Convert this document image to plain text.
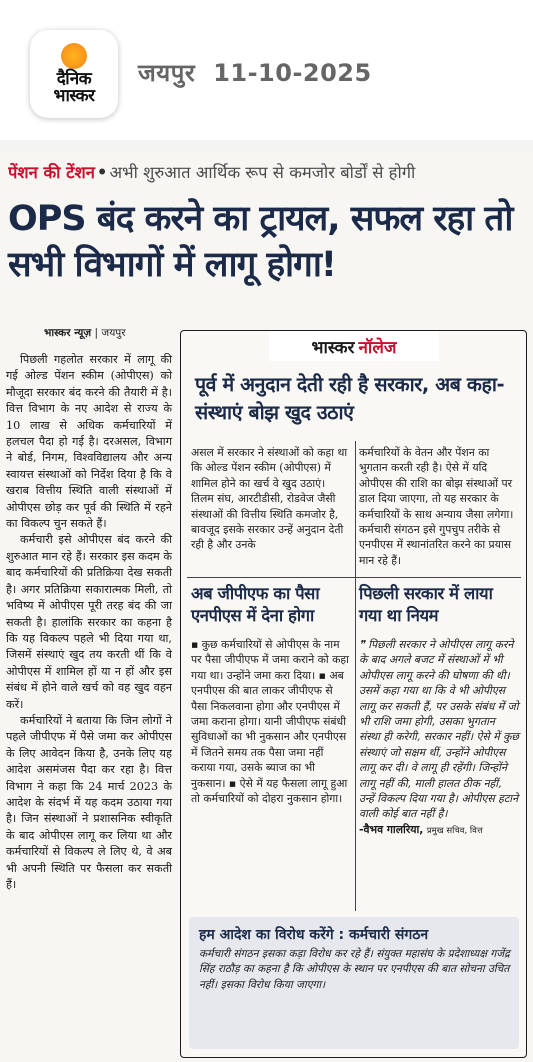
दैनिक
भास्कर
जयपुर 11-10-2025
पेंशन की टेंशन • अभी शुरुआत आर्थिक रूप से कमजोर बोर्डों से होगी
OPS बंद करने का ट्रायल, सफल रहा तो सभी विभागों में लागू होगा!
भास्कर न्यूज़ | जयपुर

पिछली गहलोत सरकार में लागू की गई ओल्ड पेंशन स्कीम (ओपीएस) को मौजूदा सरकार बंद करने की तैयारी में है। वित्त विभाग के नए आदेश से राज्य के 10 लाख से अधिक कर्मचारियों में हलचल पैदा हो गई है। दरअसल, विभाग ने बोर्ड, निगम, विश्वविद्यालय और अन्य स्वायत्त संस्थाओं को निर्देश दिया है कि वे खराब वित्तीय स्थिति वाली संस्थाओं में ओपीएस छोड़ कर पूर्व की स्थिति में रहने का विकल्प चुन सकते हैं।

कर्मचारी इसे ओपीएस बंद करने की शुरुआत मान रहे हैं। सरकार इस कदम के बाद कर्मचारियों की प्रतिक्रिया देख सकती है। अगर प्रतिक्रिया सकारात्मक मिली, तो भविष्य में ओपीएस पूरी तरह बंद की जा सकती है। हालांकि सरकार का कहना है कि यह विकल्प पहले भी दिया गया था, जिसमें संस्थाएं खुद तय करती थीं कि वे ओपीएस में शामिल हों या न हों और इस संबंध में होने वाले खर्च को वह खुद वहन करें।

कर्मचारियों ने बताया कि जिन लोगों ने पहले जीपीएफ में पैसे जमा कर ओपीएस के लिए आवेदन किया है, उनके लिए यह आदेश असमंजस पैदा कर रहा है। वित्त विभाग ने कहा कि 24 मार्च 2023 के आदेश के संदर्भ में यह कदम उठाया गया है। जिन संस्थाओं ने प्रशासनिक स्वीकृति के बाद ओपीएस लागू कर लिया था और कर्मचारियों से विकल्प ले लिए थे, वे अब भी अपनी स्थिति पर फैसला कर सकती हैं।

भास्कर नॉलेज
पूर्व में अनुदान देती रही है सरकार, अब कहा- संस्थाएं बोझ खुद उठाएं
असल में सरकार ने संस्थाओं को कहा था कि ओल्ड पेंशन स्कीम (ओपीएस) में शामिल होने का खर्च वे खुद उठाएं। तिलम संघ, आरटीडीसी, रोडवेज जैसी संस्थाओं की वित्तीय स्थिति कमजोर है, बावजूद इसके सरकार उन्हें अनुदान देती रही है और उनके
कर्मचारियों के वेतन और पेंशन का भुगतान करती रही है। ऐसे में यदि ओपीएस की राशि का बोझ संस्थाओं पर डाल दिया जाएगा, तो यह सरकार के कर्मचारियों के साथ अन्याय जैसा लगेगा। कर्मचारी संगठन इसे गुपचुप तरीके से एनपीएस में स्थानांतरित करने का प्रयास मान रहे हैं।
अब जीपीएफ का पैसा एनपीएस में देना होगा
पिछली सरकार में लाया गया था नियम
▪ कुछ कर्मचारियों से ओपीएस के नाम पर पैसा जीपीएफ में जमा कराने को कहा गया था। उन्होंने जमा करा दिया। ▪ अब एनपीएस की बात लाकर जीपीएफ से पैसा निकलवाना होगा और एनपीएस में जमा कराना होगा। यानी जीपीएफ संबंधी सुविधाओं का भी नुकसान और एनपीएस में जितने समय तक पैसा जमा नहीं कराया गया, उसके ब्याज का भी नुकसान। ▪ ऐसे में यह फैसला लागू हुआ तो कर्मचारियों को दोहरा नुकसान होगा।
❞ पिछली सरकार ने ओपीएस लागू करने के बाद अगले बजट में संस्थाओं में भी ओपीएस लागू करने की घोषणा की थी। उसमें कहा गया था कि वे भी ओपीएस लागू कर सकती हैं, पर उसके संबंध में जो भी राशि जमा होगी, उसका भुगतान संस्था ही करेगी, सरकार नहीं। ऐसे में कुछ संस्थाएं जो सक्षम थीं, उन्होंने ओपीएस लागू कर दी। वे लागू ही रहेंगी। जिन्होंने लागू नहीं की, माली हालत ठीक नहीं, उन्हें विकल्प दिया गया है। ओपीएस हटाने वाली कोई बात नहीं है।
-वैभव गालरिया, प्रमुख सचिव, वित्त
हम आदेश का विरोध करेंगे : कर्मचारी संगठन
कर्मचारी संगठन इसका कड़ा विरोध कर रहे हैं। संयुक्त महासंघ के प्रदेशाध्यक्ष गजेंद्र सिंह राठौड़ का कहना है कि ओपीएस के स्थान पर एनपीएस की बात सोचना उचित नहीं। इसका विरोध किया जाएगा।
